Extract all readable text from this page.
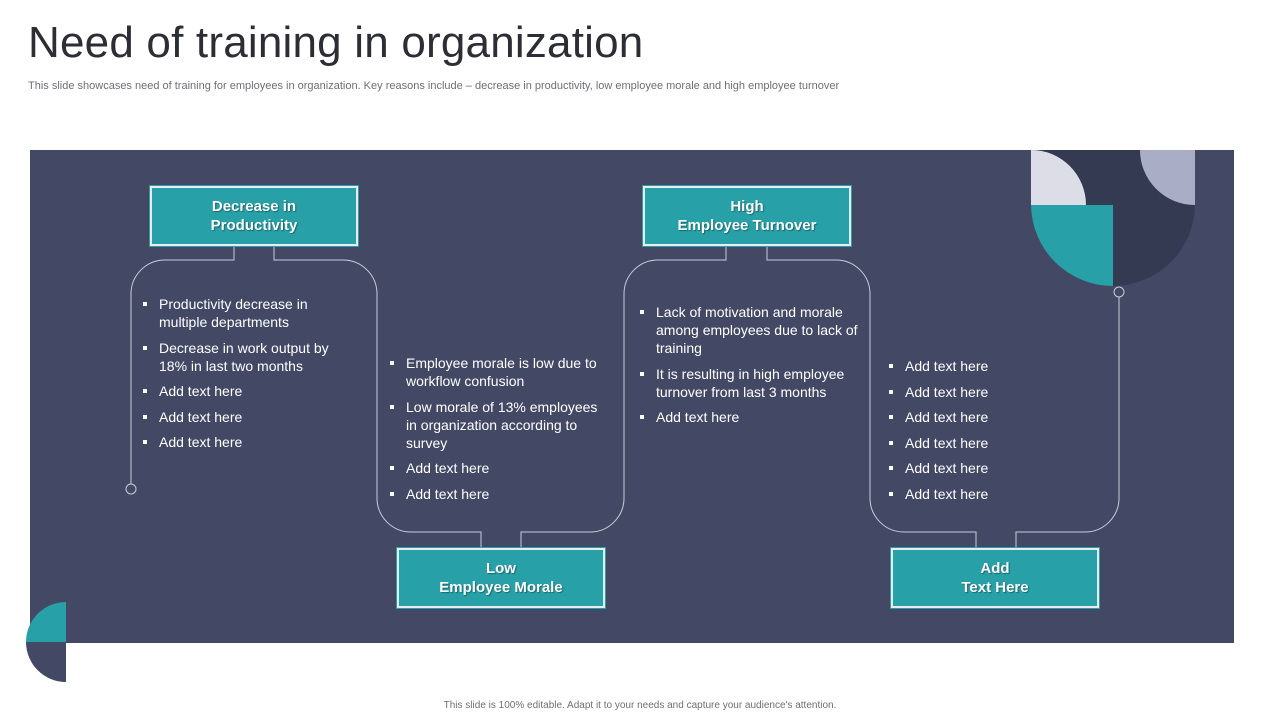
Need of training in organization
This slide showcases need of training for employees in organization. Key reasons include – decrease in productivity, low employee morale and high employee turnover
Decrease in
Productivity
Low
Employee Morale
High
Employee Turnover
Add
Text Here
Productivity decrease in multiple departments
Decrease in work output by 18% in last two months
Add text here
Add text here
Add text here
Employee morale is low due to workflow confusion
Low morale of 13% employees in organization according to survey
Add text here
Add text here
Lack of motivation and morale among employees due to lack of training
It is resulting in high employee turnover from last 3 months
Add text here
Add text here
Add text here
Add text here
Add text here
Add text here
Add text here
This slide is 100% editable. Adapt it to your needs and capture your audience's attention.
